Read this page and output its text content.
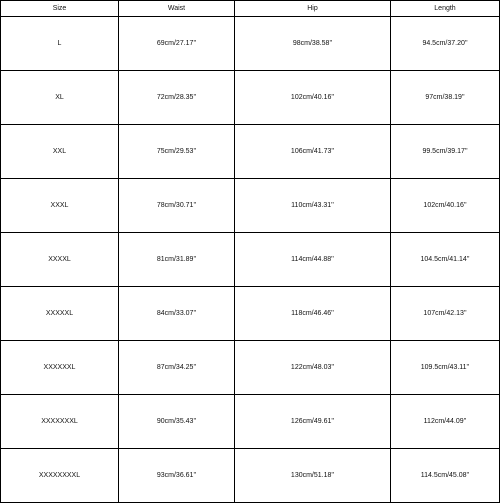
Size	Waist	Hip	Length
L	69cm/27.17''	98cm/38.58''	94.5cm/37.20''
XL	72cm/28.35''	102cm/40.16''	97cm/38.19''
XXL	75cm/29.53''	106cm/41.73''	99.5cm/39.17''
XXXL	78cm/30.71''	110cm/43.31''	102cm/40.16''
XXXXL	81cm/31.89''	114cm/44.88''	104.5cm/41.14''
XXXXXL	84cm/33.07''	118cm/46.46''	107cm/42.13''
XXXXXXL	87cm/34.25''	122cm/48.03''	109.5cm/43.11''
XXXXXXXL	90cm/35.43''	126cm/49.61''	112cm/44.09''
XXXXXXXXL	93cm/36.61''	130cm/51.18''	114.5cm/45.08''
